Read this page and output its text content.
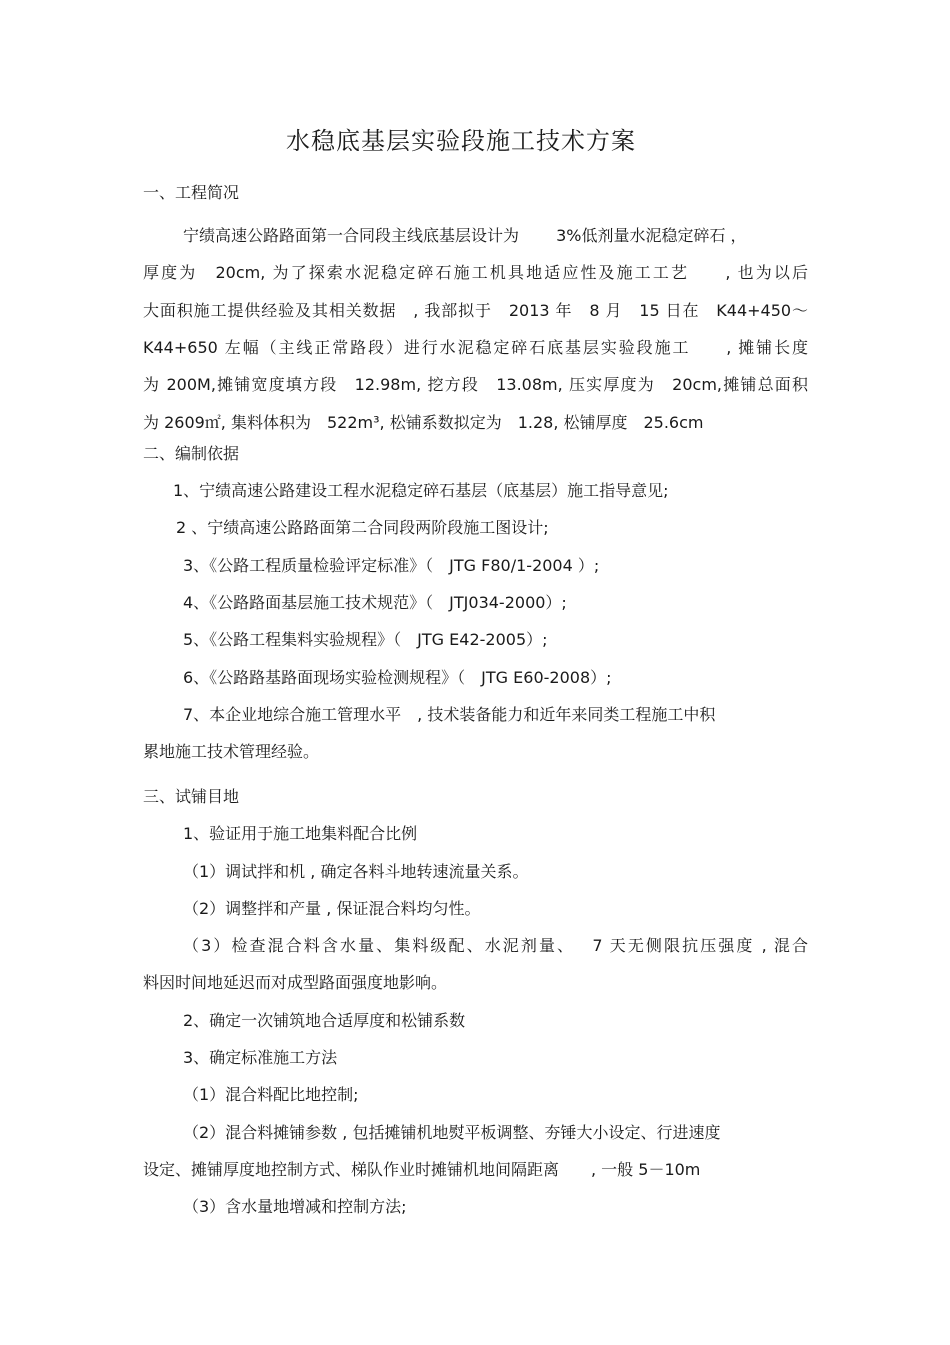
水稳底基层实验段施工技术方案
一、工程简况
宁绩高速公路路面第一合同段主线底基层设计为　　 3%低剂量水泥稳定碎石 ，
厚度为　20cm, 为了探索水泥稳定碎石施工机具地适应性及施工工艺　　, 也为以后
大面积施工提供经验及其相关数据　, 我部拟于　2013 年　8 月　15 日在　K44+450～
K44+650 左幅（主线正常路段）进行水泥稳定碎石底基层实验段施工　　, 摊铺长度
为 200M,摊铺宽度填方段　12.98m, 挖方段　13.08m, 压实厚度为　20cm,摊铺总面积
为 2609㎡, 集料体积为　522m³, 松铺系数拟定为　1.28, 松铺厚度　25.6cm
二、编制依据
1、宁绩高速公路建设工程水泥稳定碎石基层（底基层）施工指导意见;
2 、宁绩高速公路路面第二合同段两阶段施工图设计;
3、《公路工程质量检验评定标准》（　JTG F80/1-2004 ）;
4、《公路路面基层施工技术规范》（　JTJ034-2000）;
5、《公路工程集料实验规程》（　JTG E42-2005）;
6、《公路路基路面现场实验检测规程》（　JTG E60-2008）;
7、本企业地综合施工管理水平　, 技术装备能力和近年来同类工程施工中积
累地施工技术管理经验。
三、试铺目地
1、验证用于施工地集料配合比例
（1）调试拌和机 , 确定各料斗地转速流量关系。
（2）调整拌和产量 , 保证混合料均匀性。
（3）检查混合料含水量、集料级配、水泥剂量、　 7 天无侧限抗压强度 , 混合
料因时间地延迟而对成型路面强度地影响。
2、确定一次铺筑地合适厚度和松铺系数
3、确定标准施工方法
（1）混合料配比地控制;
（2）混合料摊铺参数 , 包括摊铺机地熨平板调整、夯锤大小设定、行进速度
设定、摊铺厚度地控制方式、梯队作业时摊铺机地间隔距离　　, 一般 5－10m
（3）含水量地增减和控制方法;
